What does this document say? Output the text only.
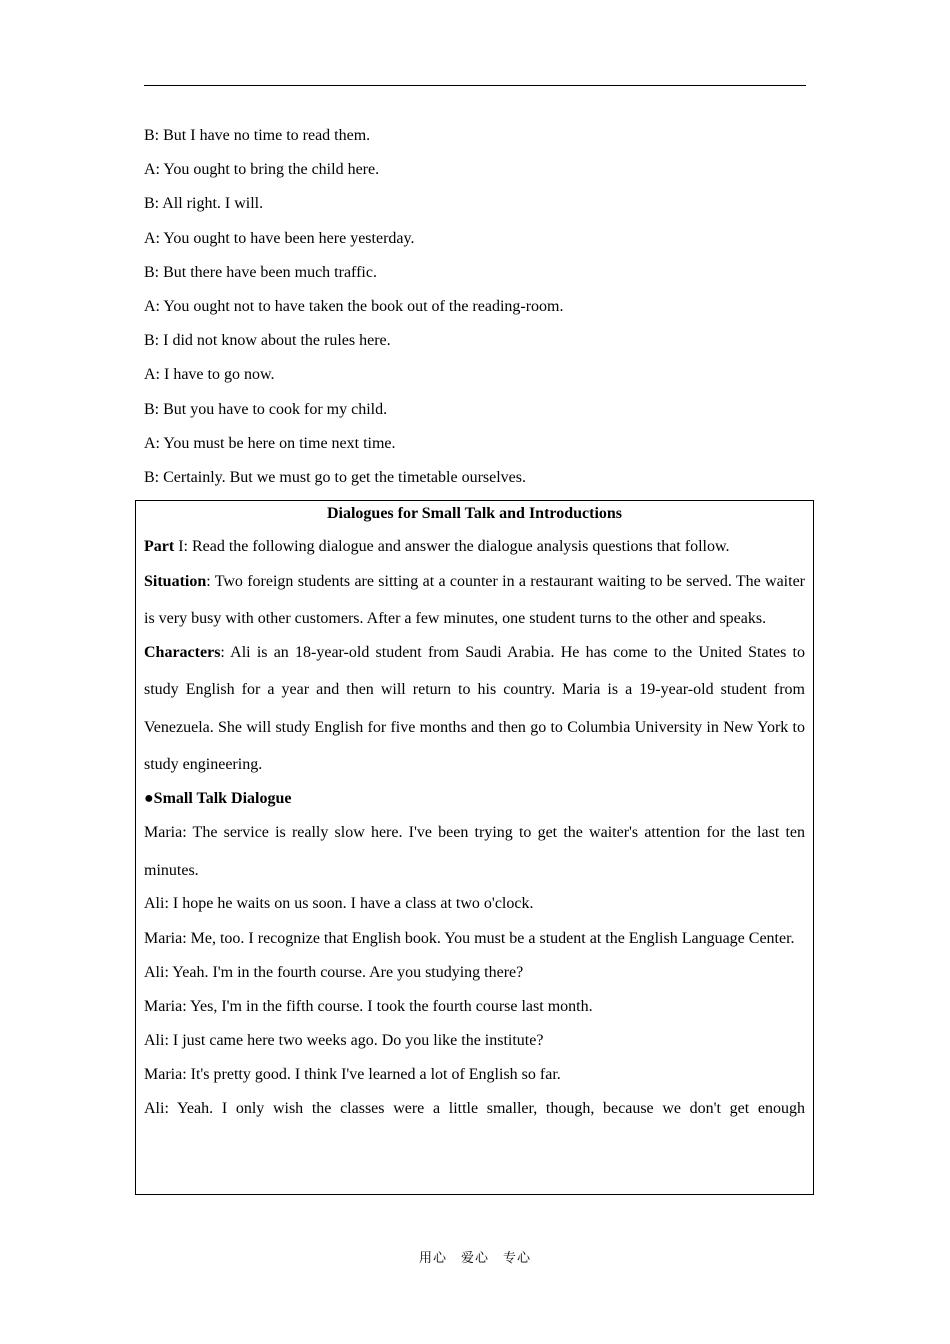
B: But I have no time to read them.
A: You ought to bring the child here.
B: All right. I will.
A: You ought to have been here yesterday.
B: But there have been much traffic.
A: You ought not to have taken the book out of the reading-room.
B: I did not know about the rules here.
A: I have to go now.
B: But you have to cook for my child.
A: You must be here on time next time.
B: Certainly. But we must go to get the timetable ourselves.
Dialogues for Small Talk and Introductions

Part I: Read the following dialogue and answer the dialogue analysis questions that follow.

Situation: Two foreign students are sitting at a counter in a restaurant waiting to be served. The waiter is very busy with other customers. After a few minutes, one student turns to the other and speaks.

Characters: Ali is an 18-year-old student from Saudi Arabia. He has come to the United States to study English for a year and then will return to his country. Maria is a 19-year-old student from Venezuela. She will study English for five months and then go to Columbia University in New York to study engineering.

●Small Talk Dialogue

Maria: The service is really slow here. I've been trying to get the waiter's attention for the last ten minutes.

Ali: I hope he waits on us soon. I have a class at two o'clock.

Maria: Me, too. I recognize that English book. You must be a student at the English Language Center.

Ali: Yeah. I'm in the fourth course. Are you studying there?

Maria: Yes, I'm in the fifth course. I took the fourth course last month.

Ali: I just came here two weeks ago. Do you like the institute?

Maria: It's pretty good. I think I've learned a lot of English so far.

Ali: Yeah. I only wish the classes were a little smaller, though, because we don't get enough

用心　爱心　专心
